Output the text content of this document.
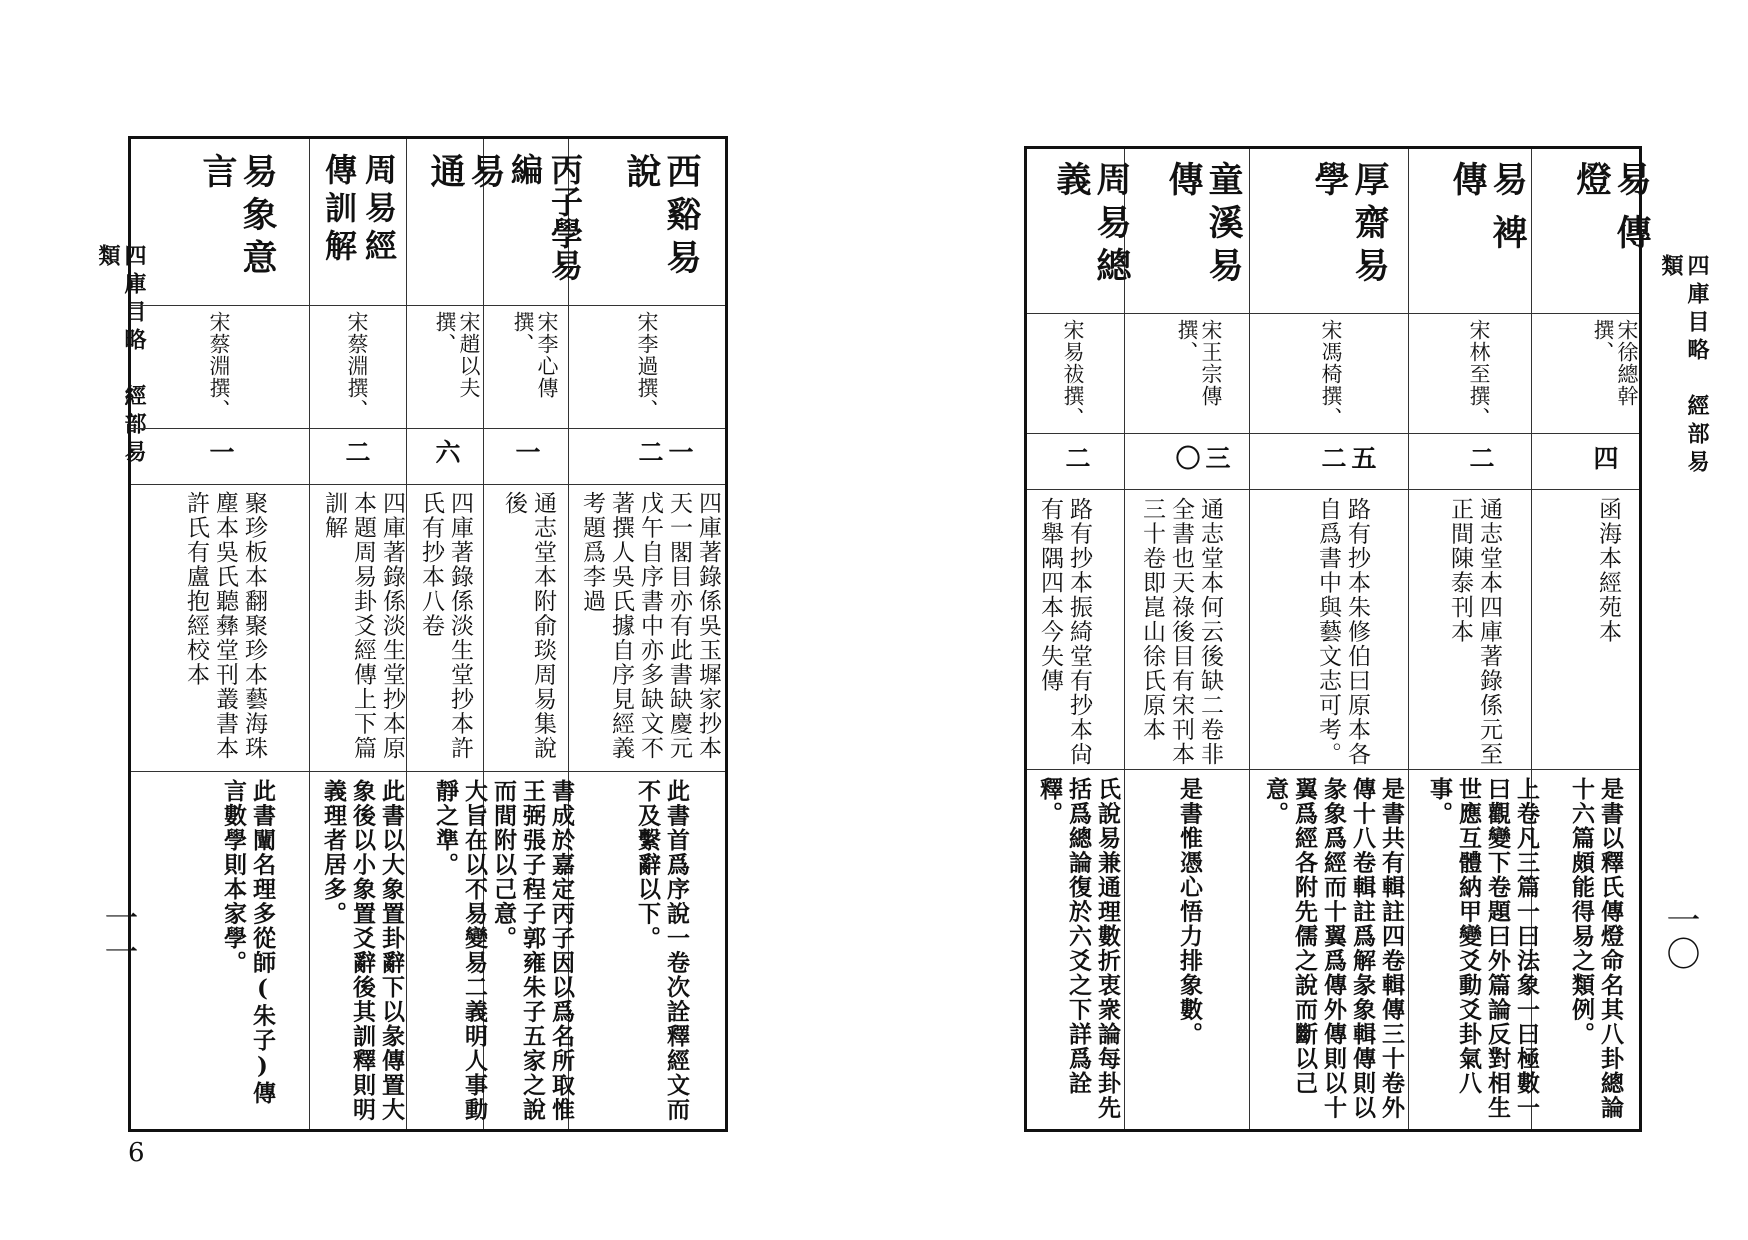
四庫目略　經部易類
一一
6
西谿易說
宋李過撰、
一二
四庫著錄係吳玉墀家抄本天一閣目亦有此書缺慶元戊午自序書中亦多缺文不著撰人吳氏據自序見經義考題爲李過
此書首爲序說一卷次詮釋經文而不及繫辭以下。
丙子學易編
宋李心傳撰、
一
通志堂本附俞琰周易集說後
書成於嘉定丙子因以爲名所取惟王弼張子程子郭雍朱子五家之說而間附以己意。
易通
宋趙以夫撰、
六
四庫著錄係淡生堂抄本許氏有抄本八卷
大旨在以不易變易二義明人事動靜之準。
周易經傳訓解
宋蔡淵撰、
二
四庫著錄係淡生堂抄本原本題周易卦爻經傳上下篇訓解
此書以大象置卦辭下以彖傳置大象後以小象置爻辭後其訓釋則明義理者居多。
易象意言
宋蔡淵撰、
一
聚珍板本翻聚珍本藝海珠塵本吳氏聽彝堂刊叢書本許氏有盧抱經校本
此書闡名理多從師(朱子)傳言數學則本家學。
四庫目略　經部易類
一〇
易傳燈
宋徐總幹撰、
四
函海本經苑本
是書以釋氏傳燈命名其八卦總論十六篇頗能得易之類例。
易裨傳
宋林至撰、
二
通志堂本四庫著錄係元至正間陳泰刊本
上卷凡三篇一曰法象一曰極數一曰觀變下卷題曰外篇論反對相生世應互體納甲變爻動爻卦氣八事。
厚齋易學
宋馮椅撰、
五二
路有抄本朱修伯曰原本各自爲書中與藝文志可考。
是書共有輯註四卷輯傳三十卷外傳十八卷輯註爲解彖象輯傳則以彖象爲經而十翼爲傳外傳則以十翼爲經各附先儒之說而斷以己意。
童溪易傳
宋王宗傳撰、
三〇
通志堂本何云後缺二卷非全書也天祿後目有宋刊本三十卷即崑山徐氏原本
是書惟憑心悟力排象數。
周易總義
宋易祓撰、
二
路有抄本振綺堂有抄本尙有舉隅四本今失傳
氏說易兼通理數折衷衆論每卦先括爲總論復於六爻之下詳爲詮釋。
